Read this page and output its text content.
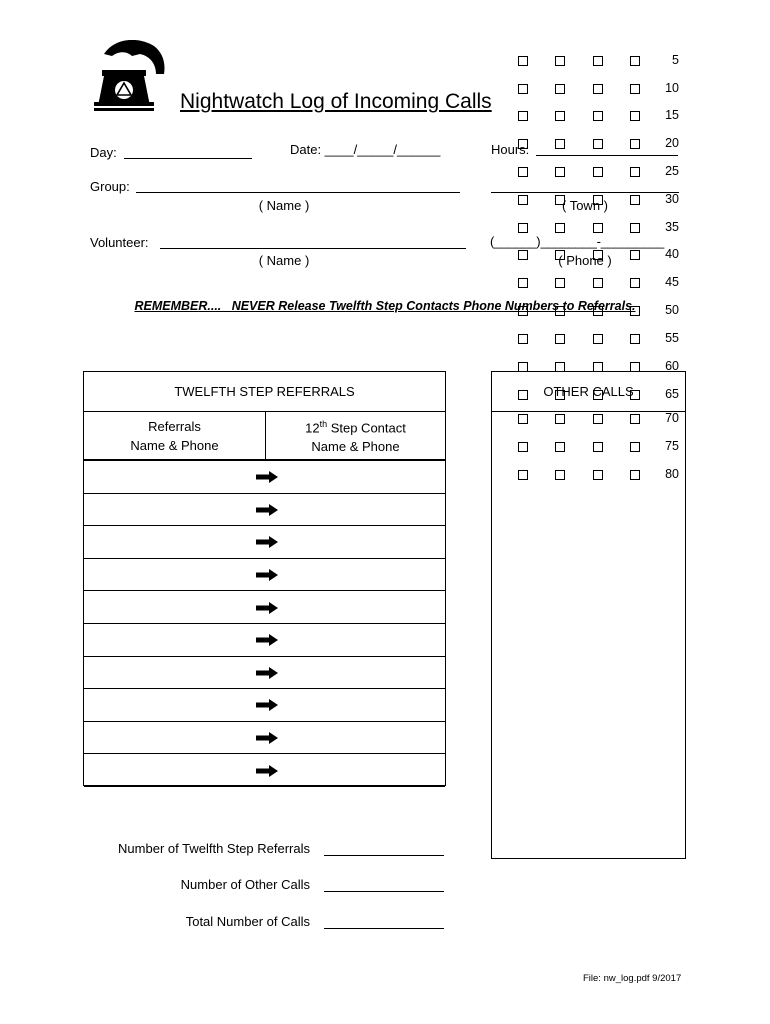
Nightwatch Log of Incoming Calls
Day:	Date: ____/_____/______	Hours:
Group:
( Name )	( Town )
Volunteer:
( Name )
(______)________-_________
( Phone )
REMEMBER....   NEVER Release Twelfth Step Contacts Phone Numbers to Referrals.
TWELFTH STEP REFERRALS
Referrals
Name & Phone
12th Step Contact
Name & Phone
OTHER CALLS
5
10
15
20
25
30
35
40
45
50
55
60
65
70
75
80
Number of Twelfth Step Referrals
Number of Other Calls
Total Number of Calls
File: nw_log.pdf 9/2017
